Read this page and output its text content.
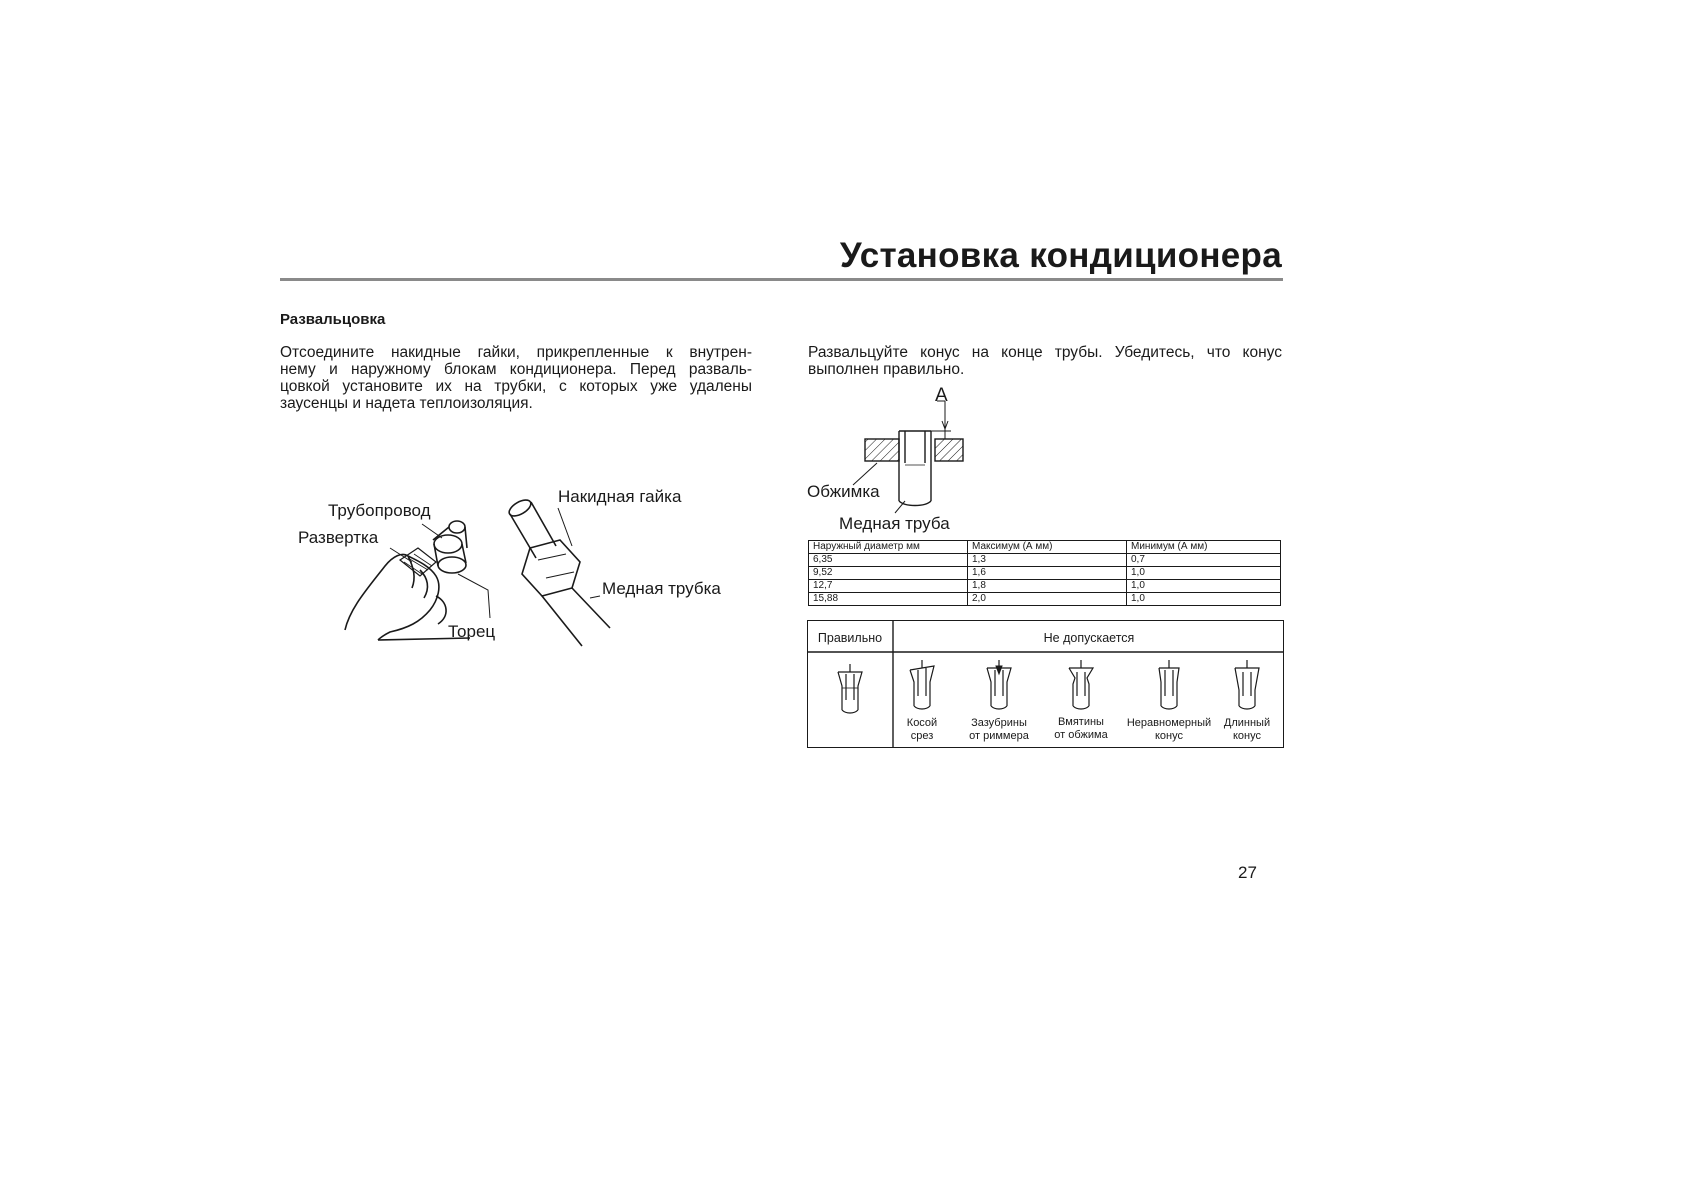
Установка кондиционера
Развальцовка
Отсоедините накидные гайки, прикрепленные к внутрен-
нему и наружному блокам кондиционера. Перед разваль-
цовкой установите их на трубки, с которых уже удалены
заусенцы и надета теплоизоляция.
Развальцуйте конус на конце трубы. Убедитесь, что конус
выполнен правильно.
Трубопровод
Развертка
Торец
Накидная гайка
Медная трубка
A
Обжимка
Медная труба
Наружный диаметр мм	Максимум (А мм)	Минимум (А мм)
6,35	1,3	0,7
9,52	1,6	1,0
12,7	1,8	1,0
15,88	2,0	1,0
Правильно	Не допускается
Косой
срез
Зазубрины
от риммера
Вмятины
от обжима
Неравномерный
конус
Длинный
конус
27
